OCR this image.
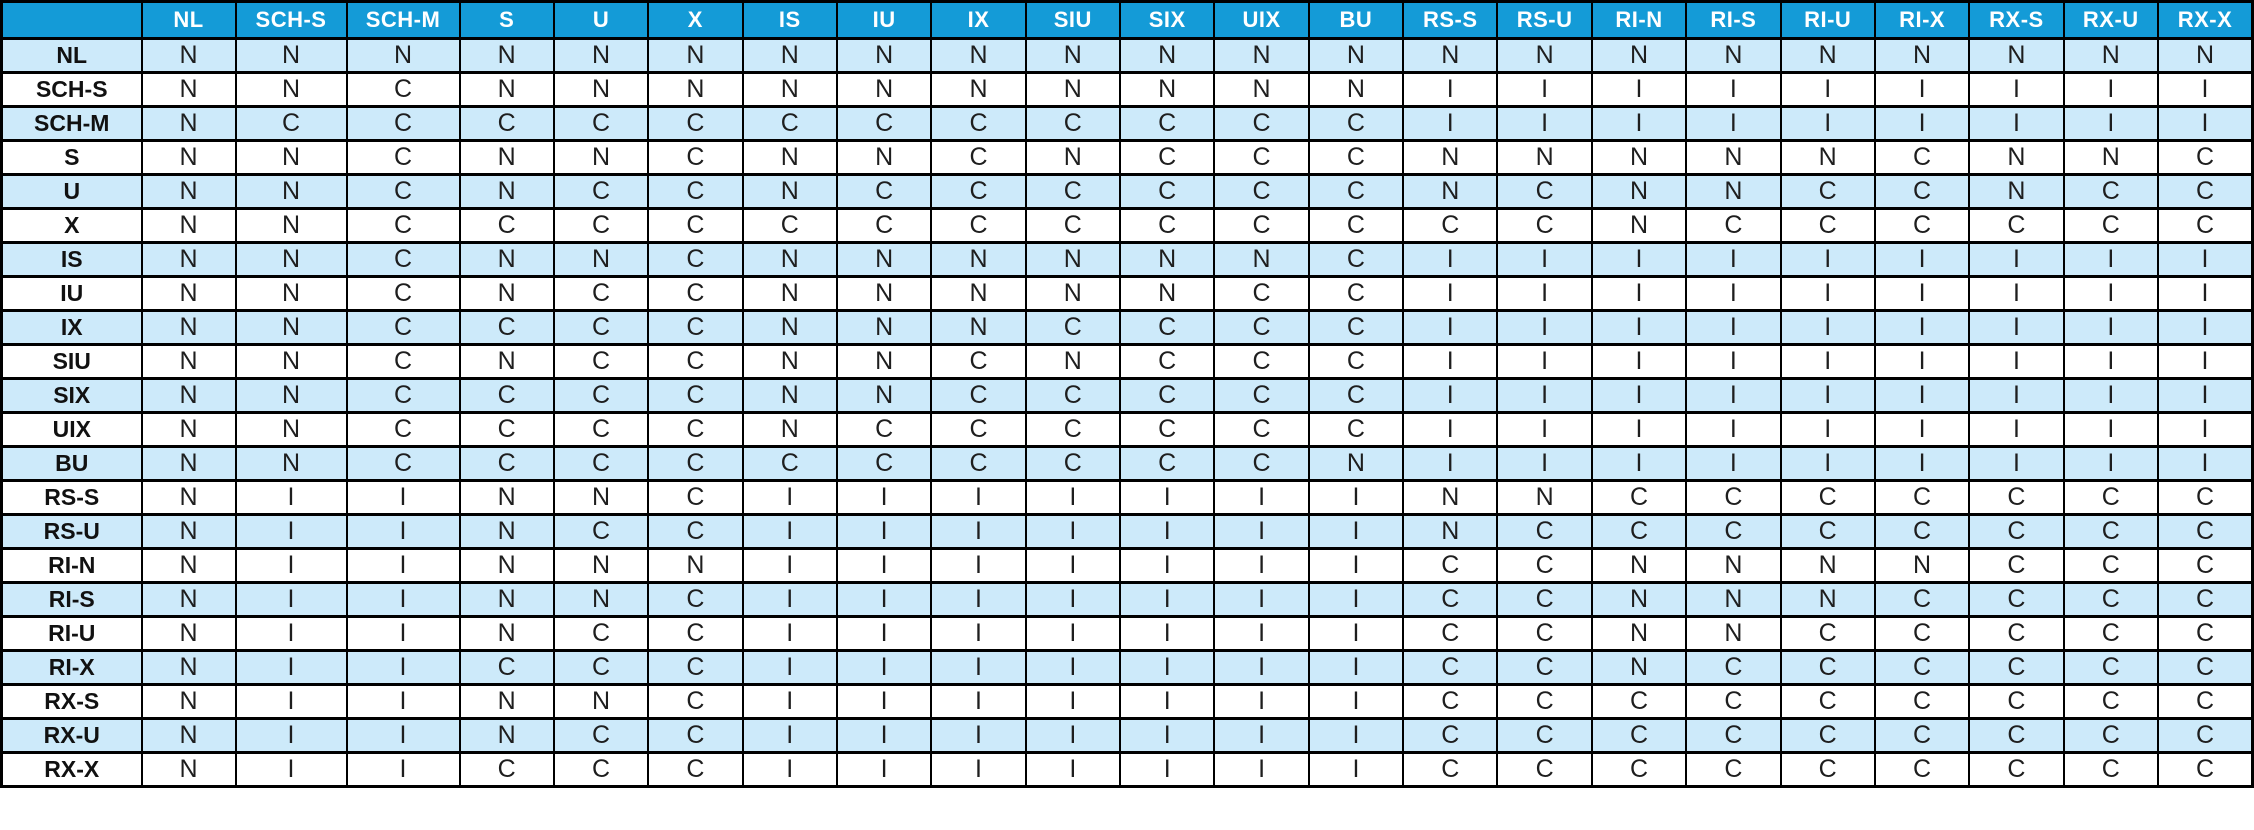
	NL	SCH-S	SCH-M	S	U	X	IS	IU	IX	SIU	SIX	UIX	BU	RS-S	RS-U	RI-N	RI-S	RI-U	RI-X	RX-S	RX-U	RX-X
NL	N	N	N	N	N	N	N	N	N	N	N	N	N	N	N	N	N	N	N	N	N	N
SCH-S	N	N	C	N	N	N	N	N	N	N	N	N	N	I	I	I	I	I	I	I	I	I
SCH-M	N	C	C	C	C	C	C	C	C	C	C	C	C	I	I	I	I	I	I	I	I	I
S	N	N	C	N	N	C	N	N	C	N	C	C	C	N	N	N	N	N	C	N	N	C
U	N	N	C	N	C	C	N	C	C	C	C	C	C	N	C	N	N	C	C	N	C	C
X	N	N	C	C	C	C	C	C	C	C	C	C	C	C	C	N	C	C	C	C	C	C
IS	N	N	C	N	N	C	N	N	N	N	N	N	C	I	I	I	I	I	I	I	I	I
IU	N	N	C	N	C	C	N	N	N	N	N	C	C	I	I	I	I	I	I	I	I	I
IX	N	N	C	C	C	C	N	N	N	C	C	C	C	I	I	I	I	I	I	I	I	I
SIU	N	N	C	N	C	C	N	N	C	N	C	C	C	I	I	I	I	I	I	I	I	I
SIX	N	N	C	C	C	C	N	N	C	C	C	C	C	I	I	I	I	I	I	I	I	I
UIX	N	N	C	C	C	C	N	C	C	C	C	C	C	I	I	I	I	I	I	I	I	I
BU	N	N	C	C	C	C	C	C	C	C	C	C	N	I	I	I	I	I	I	I	I	I
RS-S	N	I	I	N	N	C	I	I	I	I	I	I	I	N	N	C	C	C	C	C	C	C
RS-U	N	I	I	N	C	C	I	I	I	I	I	I	I	N	C	C	C	C	C	C	C	C
RI-N	N	I	I	N	N	N	I	I	I	I	I	I	I	C	C	N	N	N	N	C	C	C
RI-S	N	I	I	N	N	C	I	I	I	I	I	I	I	C	C	N	N	N	C	C	C	C
RI-U	N	I	I	N	C	C	I	I	I	I	I	I	I	C	C	N	N	C	C	C	C	C
RI-X	N	I	I	C	C	C	I	I	I	I	I	I	I	C	C	N	C	C	C	C	C	C
RX-S	N	I	I	N	N	C	I	I	I	I	I	I	I	C	C	C	C	C	C	C	C	C
RX-U	N	I	I	N	C	C	I	I	I	I	I	I	I	C	C	C	C	C	C	C	C	C
RX-X	N	I	I	C	C	C	I	I	I	I	I	I	I	C	C	C	C	C	C	C	C	C
